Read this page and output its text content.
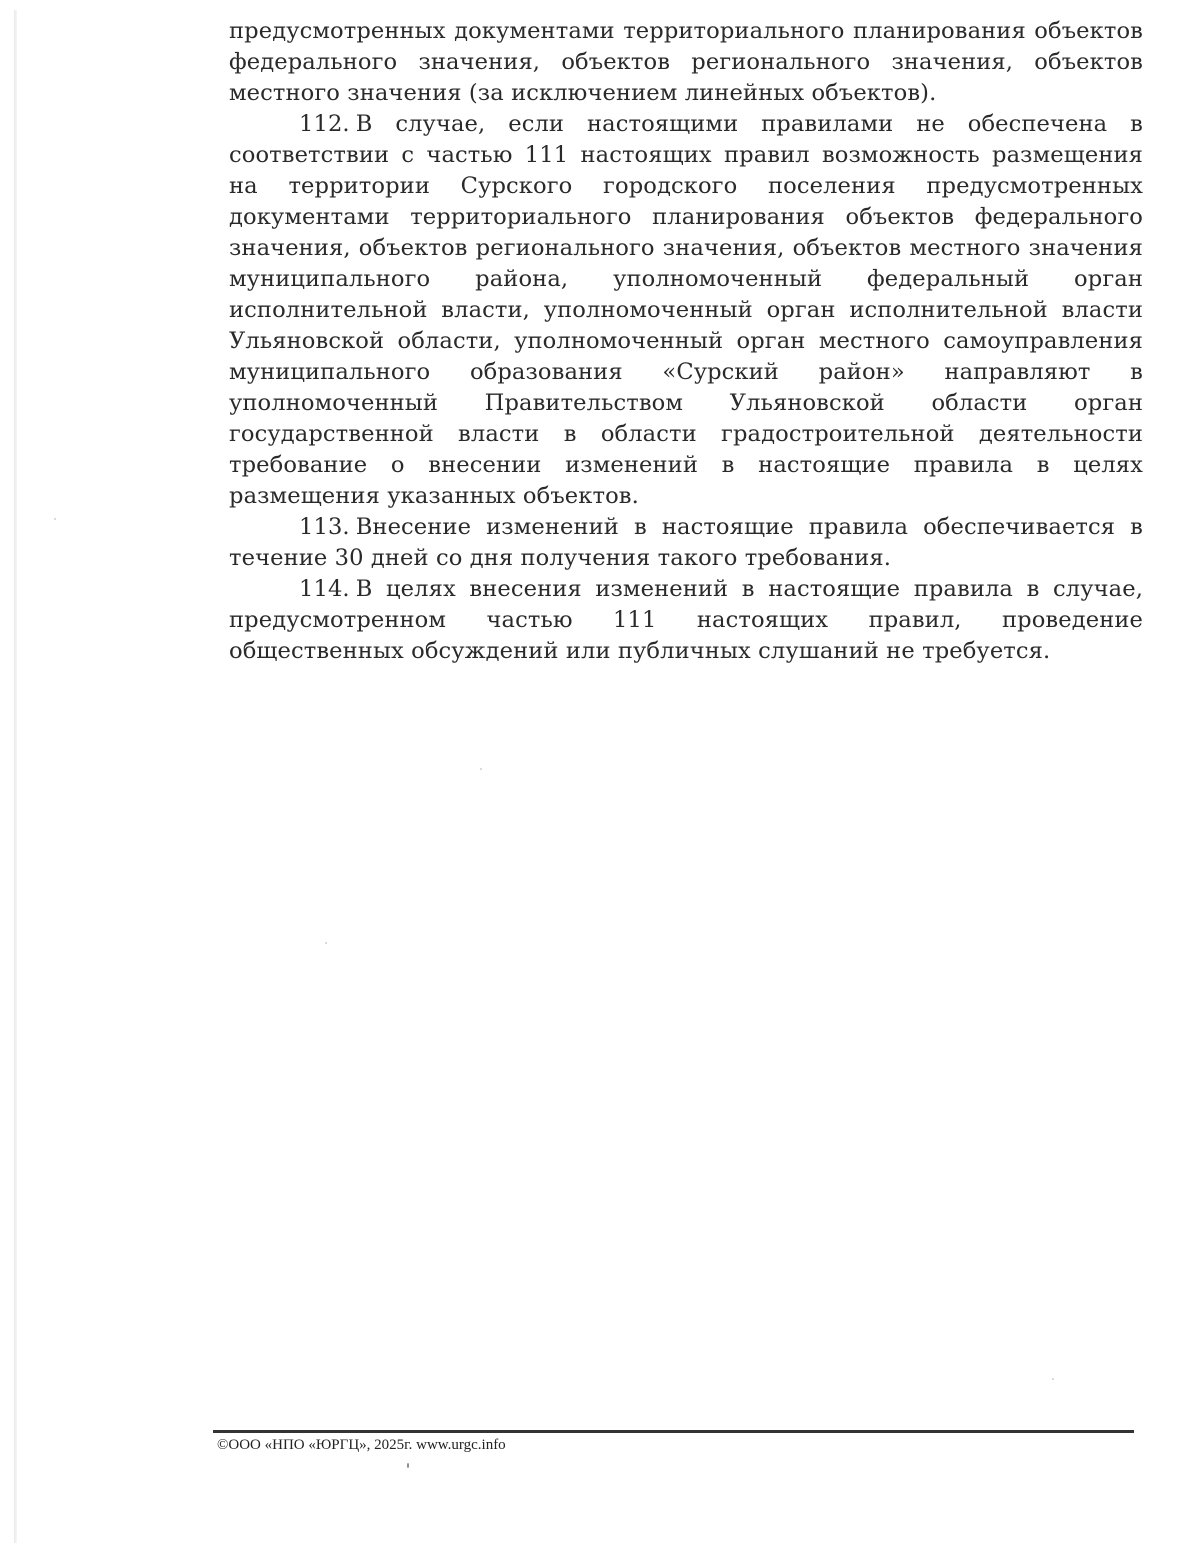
предусмотренных документами территориального планирования объектов федерального значения, объектов регионального значения, объектов местного значения (за исключением линейных объектов).

112. В случае, если настоящими правилами не обеспечена в соответствии с частью 111 настоящих правил возможность размещения на территории Сурского городского поселения предусмотренных документами территориального планирования объектов федерального значения, объектов регионального значения, объектов местного значения муниципального района, уполномоченный федеральный орган исполнительной власти, уполномоченный орган исполнительной власти Ульяновской области, уполномоченный орган местного самоуправления муниципального образования «Сурский район» направляют в уполномоченный Правительством Ульяновской области орган государственной власти в области градостроительной деятельности требование о внесении изменений в настоящие правила в целях размещения указанных объектов.

113. Внесение изменений в настоящие правила обеспечивается в течение 30 дней со дня получения такого требования.

114. В целях внесения изменений в настоящие правила в случае, предусмотренном частью 111 настоящих правил, проведение общественных обсуждений или публичных слушаний не требуется.

©ООО «НПО «ЮРГЦ», 2025г. www.urgc.info
